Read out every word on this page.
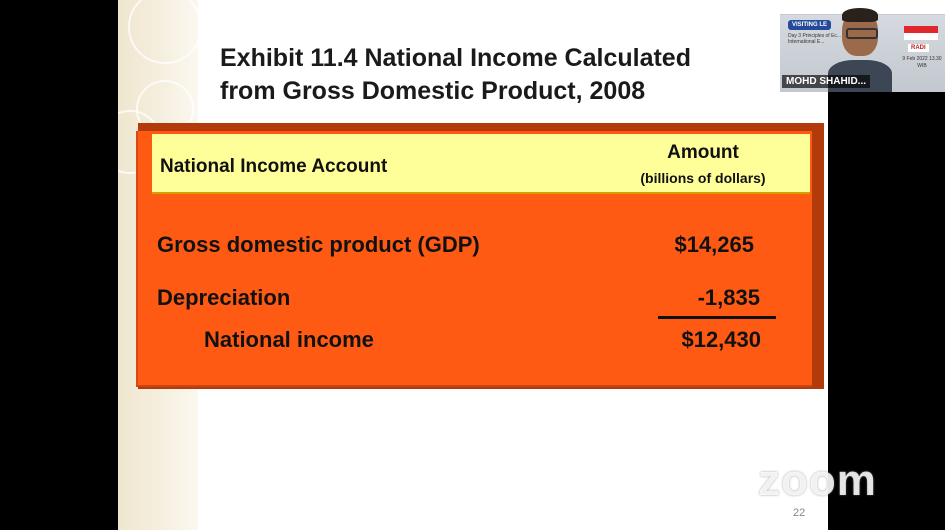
Exhibit 11.4 National Income Calculated
from Gross Domestic Product, 2008
National Income Account
Amount
(billions of dollars)
Gross domestic product (GDP)	$14,265
Depreciation	-1,835
National income	$12,430
22
zoom
VISITING LE
Day 3 Principles of Ec... International E...
RADI
9 Feb 2022 13.30 WIB
MOHD SHAHID...
